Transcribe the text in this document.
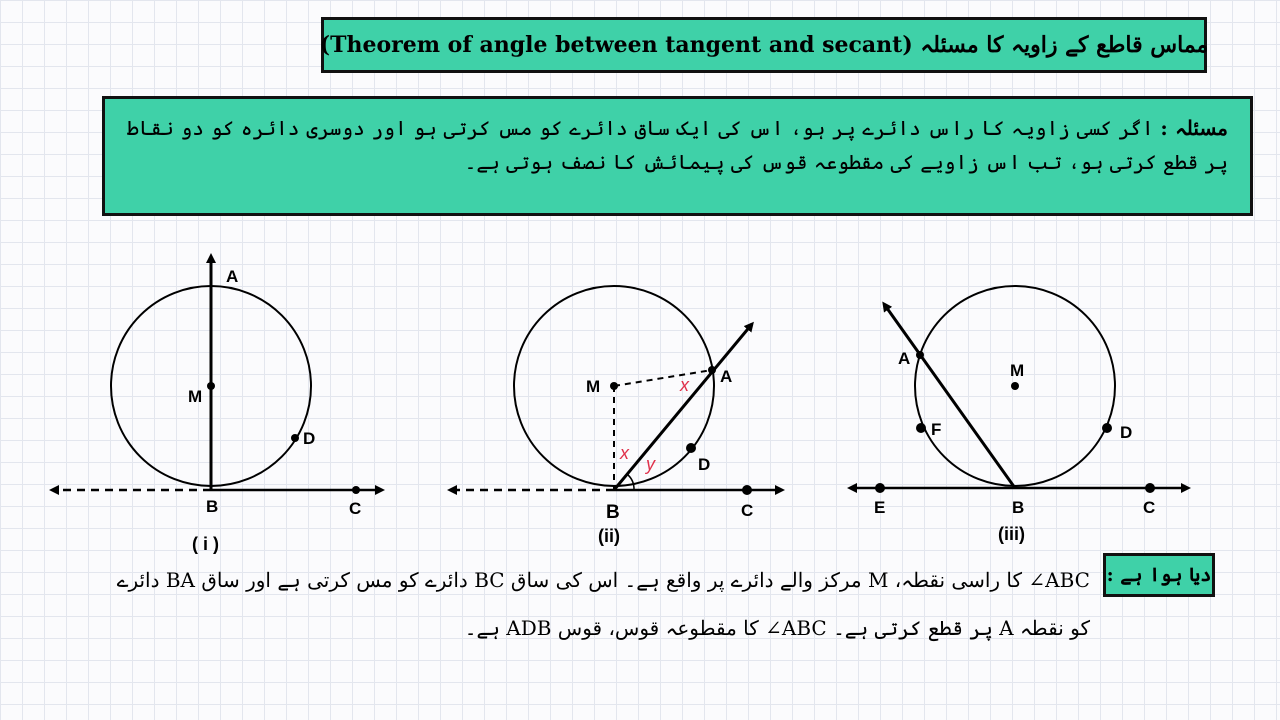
مماس قاطع کے زاویہ کا مسئلہ (Theorem of angle between tangent and secant)
مسئلہ : اگر کسی زاویہ کا راس دائرے پر ہو، اس کی ایک ساق دائرے کو مس کرتی ہو اور دوسری دائرہ کو دو نقاط پر قطع کرتی ہو، تب اس زاویے کی مقطوعہ قوس کی پیمائش کا نصف ہوتی ہے۔
A
M
D
B	C
( i )
M
A
D
B	C
x
x
y
(ii)
A
M
F	D
E	B	C
(iii)
دیا ہوا ہے :
ABC∠ کا راسی نقطہ، M مرکز والے دائرے پر واقع ہے۔ اس کی ساق BC دائرے کو مس کرتی ہے اور ساق BA دائرے
کو نقطہ A پر قطع کرتی ہے۔ ABC∠ کا مقطوعہ قوس، قوس ADB ہے۔
